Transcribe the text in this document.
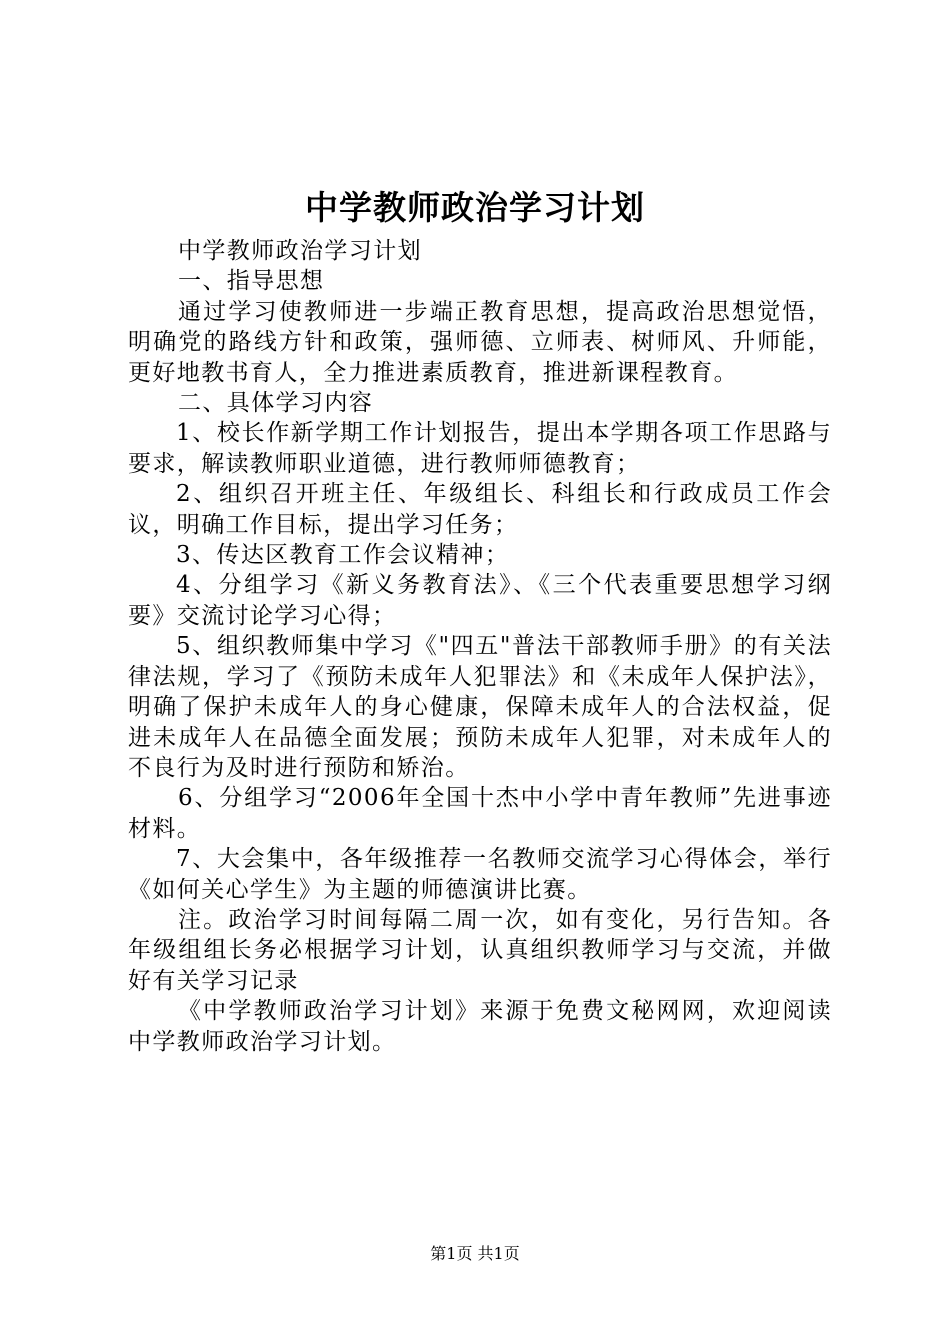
中学教师政治学习计划

中学教师政治学习计划

一、指导思想

通过学习使教师进一步端正教育思想，提高政治思想觉悟，明确党的路线方针和政策，强师德、立师表、树师风、升师能，更好地教书育人，全力推进素质教育，推进新课程教育。

二、具体学习内容

1、校长作新学期工作计划报告，提出本学期各项工作思路与要求，解读教师职业道德，进行教师师德教育；

2、组织召开班主任、年级组长、科组长和行政成员工作会议，明确工作目标，提出学习任务；

3、传达区教育工作会议精神；

4、分组学习《新义务教育法》、《三个代表重要思想学习纲要》交流讨论学习心得；

5、组织教师集中学习《"四五"普法干部教师手册》的有关法律法规，学习了《预防未成年人犯罪法》和《未成年人保护法》，明确了保护未成年人的身心健康，保障未成年人的合法权益，促进未成年人在品德全面发展；预防未成年人犯罪，对未成年人的不良行为及时进行预防和矫治。

6、分组学习“2006年全国十杰中小学中青年教师”先进事迹材料。

7、大会集中，各年级推荐一名教师交流学习心得体会，举行《如何关心学生》为主题的师德演讲比赛。

注。政治学习时间每隔二周一次，如有变化，另行告知。各年级组组长务必根据学习计划，认真组织教师学习与交流，并做好有关学习记录

《中学教师政治学习计划》来源于免费文秘网网，欢迎阅读中学教师政治学习计划。

第1页 共1页
